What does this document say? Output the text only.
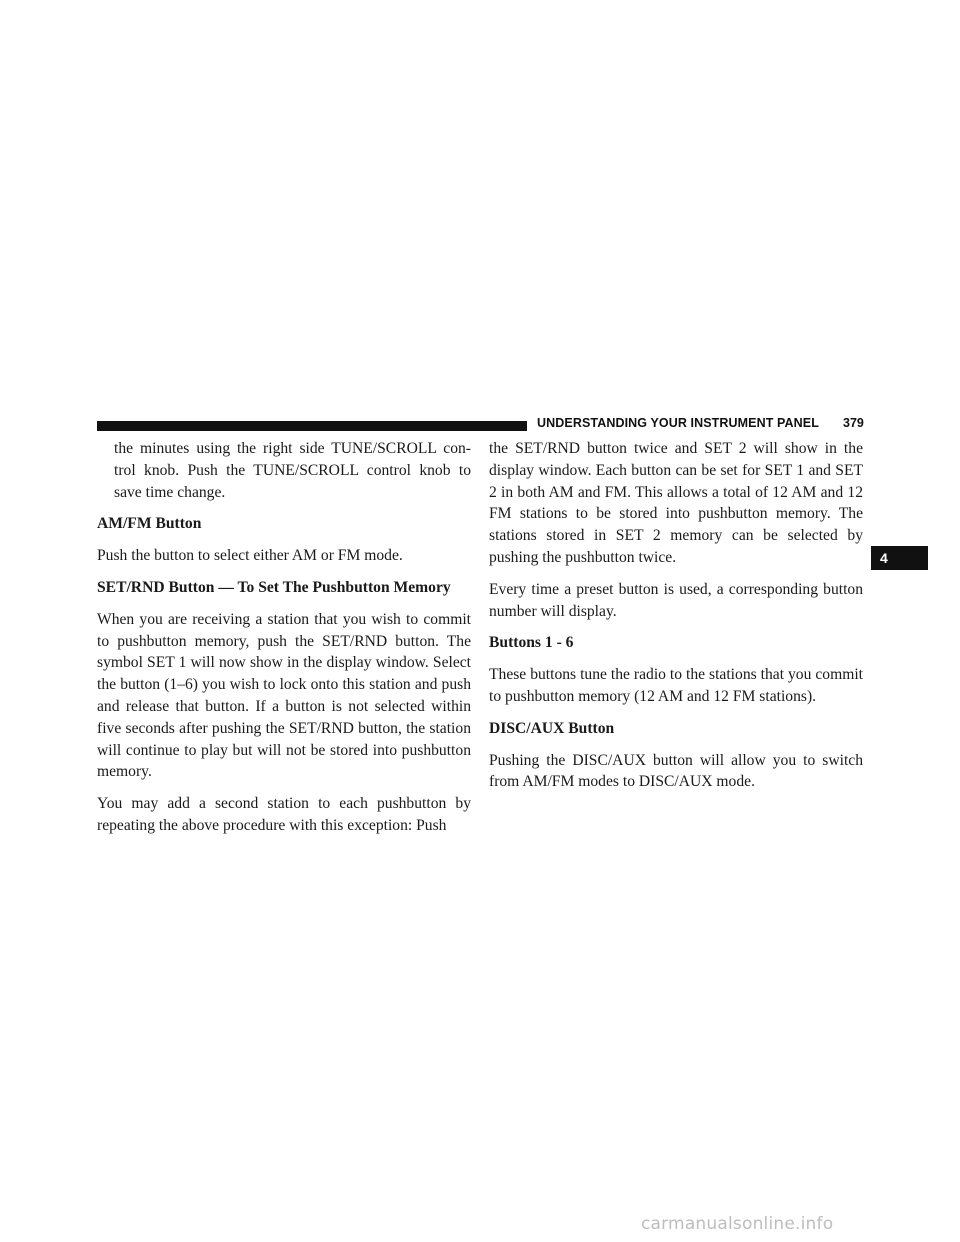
UNDERSTANDING YOUR INSTRUMENT PANEL 379
4

the minutes using the right side TUNE/SCROLL con- trol knob. Push the TUNE/SCROLL control knob to save time change.

AM/FM Button

Push the button to select either AM or FM mode.

SET/RND Button — To Set The Pushbutton Memory

When you are receiving a station that you wish to commit to pushbutton memory, push the SET/RND button. The symbol SET 1 will now show in the display window. Select the button (1–6) you wish to lock onto this station and push and release that button. If a button is not selected within five seconds after pushing the SET/RND button, the station will continue to play but will not be stored into pushbutton memory.

You may add a second station to each pushbutton by repeating the above procedure with this exception: Push

the SET/RND button twice and SET 2 will show in the display window. Each button can be set for SET 1 and SET 2 in both AM and FM. This allows a total of 12 AM and 12 FM stations to be stored into pushbutton memory. The stations stored in SET 2 memory can be selected by pushing the pushbutton twice.

Every time a preset button is used, a corresponding button number will display.

Buttons 1 - 6

These buttons tune the radio to the stations that you commit to pushbutton memory (12 AM and 12 FM stations).

DISC/AUX Button

Pushing the DISC/AUX button will allow you to switch from AM/FM modes to DISC/AUX mode.

carmanualsonline.info
